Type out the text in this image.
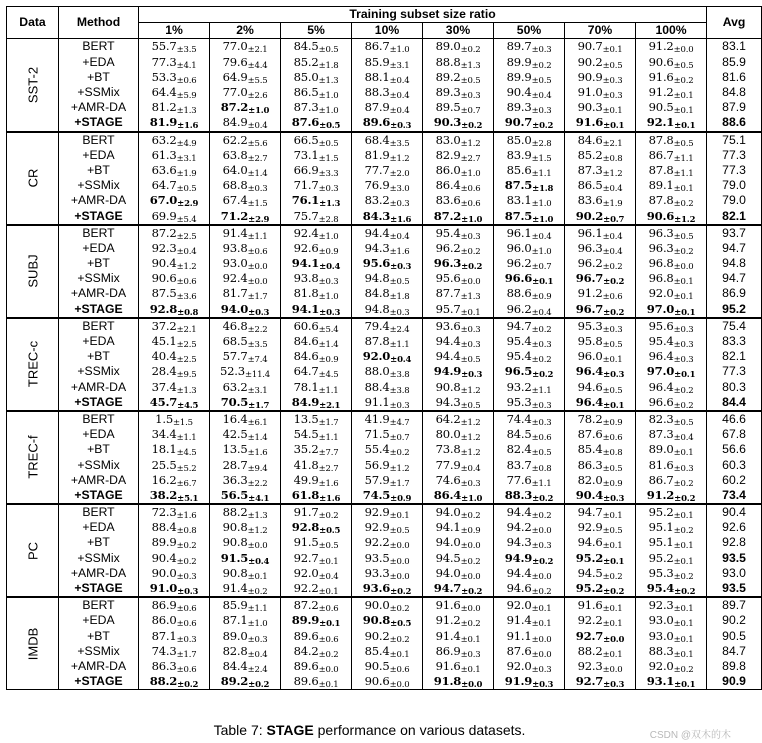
Data	Method	Training subset size ratio								Avg
		1%	2%	5%	10%	30%	50%	70%	100%	

SST-2	BERT	$55.7_{\pm 3.5}$	$77.0_{\pm 2.1}$	$84.5_{\pm 0.5}$	$86.7_{\pm 1.0}$	$89.0_{\pm 0.2}$	$89.7_{\pm 0.3}$	$90.7_{\pm 0.1}$	$91.2_{\pm 0.0}$	83.1
	+EDA	$77.3_{\pm 4.1}$	$79.6_{\pm 4.4}$	$85.2_{\pm 1.8}$	$85.9_{\pm 3.1}$	$88.8_{\pm 1.3}$	$89.9_{\pm 0.2}$	$90.2_{\pm 0.5}$	$90.6_{\pm 0.5}$	85.9
	+BT	$53.3_{\pm 0.6}$	$64.9_{\pm 5.5}$	$85.0_{\pm 1.3}$	$88.1_{\pm 0.4}$	$89.2_{\pm 0.5}$	$89.9_{\pm 0.5}$	$90.9_{\pm 0.3}$	$91.6_{\pm 0.2}$	81.6
	+SSMix	$64.4_{\pm 5.9}$	$77.0_{\pm 2.6}$	$86.5_{\pm 1.0}$	$88.3_{\pm 0.4}$	$89.3_{\pm 0.3}$	$90.4_{\pm 0.4}$	$91.0_{\pm 0.3}$	$91.2_{\pm 0.1}$	84.8
	+AMR-DA	$81.2_{\pm 1.3}$	$87.2_{\pm 1.0}$	$87.3_{\pm 1.0}$	$87.9_{\pm 0.4}$	$89.5_{\pm 0.7}$	$89.3_{\pm 0.3}$	$90.3_{\pm 0.1}$	$90.5_{\pm 0.1}$	87.9
	+STAGE	$81.9_{\pm 1.6}$	$84.9_{\pm 0.4}$	$87.6_{\pm 0.5}$	$89.6_{\pm 0.3}$	$90.3_{\pm 0.2}$	$90.7_{\pm 0.2}$	$91.6_{\pm 0.1}$	$92.1_{\pm 0.1}$	88.6

CR	BERT	$63.2_{\pm 4.9}$	$62.2_{\pm 5.6}$	$66.5_{\pm 0.5}$	$68.4_{\pm 3.5}$	$83.0_{\pm 1.2}$	$85.0_{\pm 2.8}$	$84.6_{\pm 2.1}$	$87.8_{\pm 0.5}$	75.1
	+EDA	$61.3_{\pm 3.1}$	$63.8_{\pm 2.7}$	$73.1_{\pm 1.5}$	$81.9_{\pm 1.2}$	$82.9_{\pm 2.7}$	$83.9_{\pm 1.5}$	$85.2_{\pm 0.8}$	$86.7_{\pm 1.1}$	77.3
	+BT	$63.6_{\pm 1.9}$	$64.0_{\pm 1.4}$	$66.9_{\pm 3.3}$	$77.7_{\pm 2.0}$	$86.0_{\pm 1.0}$	$85.6_{\pm 1.1}$	$87.3_{\pm 1.2}$	$87.8_{\pm 1.1}$	77.3
	+SSMix	$64.7_{\pm 0.5}$	$68.8_{\pm 0.3}$	$71.7_{\pm 0.3}$	$76.9_{\pm 3.0}$	$86.4_{\pm 0.6}$	$87.5_{\pm 1.8}$	$86.5_{\pm 0.4}$	$89.1_{\pm 0.1}$	79.0
	+AMR-DA	$67.0_{\pm 2.9}$	$67.4_{\pm 1.5}$	$76.1_{\pm 1.3}$	$83.2_{\pm 0.3}$	$83.6_{\pm 0.6}$	$83.1_{\pm 1.0}$	$83.6_{\pm 1.9}$	$87.8_{\pm 0.2}$	79.0
	+STAGE	$69.9_{\pm 5.4}$	$71.2_{\pm 2.9}$	$75.7_{\pm 2.8}$	$84.3_{\pm 1.6}$	$87.2_{\pm 1.0}$	$87.5_{\pm 1.0}$	$90.2_{\pm 0.7}$	$90.6_{\pm 1.2}$	82.1

SUBJ	BERT	$87.2_{\pm 2.5}$	$91.4_{\pm 1.1}$	$92.4_{\pm 1.0}$	$94.4_{\pm 0.4}$	$95.4_{\pm 0.3}$	$96.1_{\pm 0.4}$	$96.1_{\pm 0.4}$	$96.3_{\pm 0.5}$	93.7
	+EDA	$92.3_{\pm 0.4}$	$93.8_{\pm 0.6}$	$92.6_{\pm 0.9}$	$94.3_{\pm 1.6}$	$96.2_{\pm 0.2}$	$96.0_{\pm 1.0}$	$96.3_{\pm 0.4}$	$96.3_{\pm 0.2}$	94.7
	+BT	$90.4_{\pm 1.2}$	$93.0_{\pm 0.0}$	$94.1_{\pm 0.4}$	$95.6_{\pm 0.3}$	$96.3_{\pm 0.2}$	$96.2_{\pm 0.7}$	$96.2_{\pm 0.2}$	$96.8_{\pm 0.0}$	94.8
	+SSMix	$90.6_{\pm 0.6}$	$92.4_{\pm 0.0}$	$93.8_{\pm 0.3}$	$94.8_{\pm 0.5}$	$95.6_{\pm 0.0}$	$96.6_{\pm 0.1}$	$96.7_{\pm 0.2}$	$96.8_{\pm 0.1}$	94.7
	+AMR-DA	$87.5_{\pm 3.6}$	$81.7_{\pm 1.7}$	$81.8_{\pm 1.0}$	$84.8_{\pm 1.8}$	$87.7_{\pm 1.3}$	$88.6_{\pm 0.9}$	$91.2_{\pm 0.6}$	$92.0_{\pm 0.1}$	86.9
	+STAGE	$92.8_{\pm 0.8}$	$94.0_{\pm 0.3}$	$94.1_{\pm 0.3}$	$94.8_{\pm 0.3}$	$95.7_{\pm 0.1}$	$96.2_{\pm 0.4}$	$96.7_{\pm 0.2}$	$97.0_{\pm 0.1}$	95.2

TREC-c	BERT	$37.2_{\pm 2.1}$	$46.8_{\pm 2.2}$	$60.6_{\pm 5.4}$	$79.4_{\pm 2.4}$	$93.6_{\pm 0.3}$	$94.7_{\pm 0.2}$	$95.3_{\pm 0.3}$	$95.6_{\pm 0.3}$	75.4
	+EDA	$45.1_{\pm 2.5}$	$68.5_{\pm 3.5}$	$84.6_{\pm 1.4}$	$87.8_{\pm 1.1}$	$94.4_{\pm 0.3}$	$95.4_{\pm 0.3}$	$95.8_{\pm 0.5}$	$95.4_{\pm 0.3}$	83.3
	+BT	$40.4_{\pm 2.5}$	$57.7_{\pm 7.4}$	$84.6_{\pm 0.9}$	$92.0_{\pm 0.4}$	$94.4_{\pm 0.5}$	$95.4_{\pm 0.2}$	$96.0_{\pm 0.1}$	$96.4_{\pm 0.3}$	82.1
	+SSMix	$28.4_{\pm 9.5}$	$52.3_{\pm 11.4}$	$64.7_{\pm 4.5}$	$88.0_{\pm 3.8}$	$94.9_{\pm 0.3}$	$96.5_{\pm 0.2}$	$96.4_{\pm 0.3}$	$97.0_{\pm 0.1}$	77.3
	+AMR-DA	$37.4_{\pm 1.3}$	$63.2_{\pm 3.1}$	$78.1_{\pm 1.1}$	$88.4_{\pm 3.8}$	$90.8_{\pm 1.2}$	$93.2_{\pm 1.1}$	$94.6_{\pm 0.5}$	$96.4_{\pm 0.2}$	80.3
	+STAGE	$45.7_{\pm 4.5}$	$70.5_{\pm 1.7}$	$84.9_{\pm 2.1}$	$91.1_{\pm 0.3}$	$94.3_{\pm 0.5}$	$95.3_{\pm 0.3}$	$96.4_{\pm 0.1}$	$96.6_{\pm 0.2}$	84.4

TREC-f	BERT	$1.5_{\pm 1.5}$	$16.4_{\pm 6.1}$	$13.5_{\pm 1.7}$	$41.9_{\pm 4.7}$	$64.2_{\pm 1.2}$	$74.4_{\pm 0.3}$	$78.2_{\pm 0.9}$	$82.3_{\pm 0.5}$	46.6
	+EDA	$34.4_{\pm 1.1}$	$42.5_{\pm 1.4}$	$54.5_{\pm 1.1}$	$71.5_{\pm 0.7}$	$80.0_{\pm 1.2}$	$84.5_{\pm 0.6}$	$87.6_{\pm 0.6}$	$87.3_{\pm 0.4}$	67.8
	+BT	$18.1_{\pm 4.5}$	$13.5_{\pm 1.6}$	$35.2_{\pm 7.7}$	$55.4_{\pm 0.2}$	$73.8_{\pm 1.2}$	$82.4_{\pm 0.5}$	$85.4_{\pm 0.8}$	$89.0_{\pm 0.1}$	56.6
	+SSMix	$25.5_{\pm 5.2}$	$28.7_{\pm 9.4}$	$41.8_{\pm 2.7}$	$56.9_{\pm 1.2}$	$77.9_{\pm 0.4}$	$83.7_{\pm 0.8}$	$86.3_{\pm 0.5}$	$81.6_{\pm 0.3}$	60.3
	+AMR-DA	$16.2_{\pm 6.7}$	$36.3_{\pm 2.2}$	$49.9_{\pm 1.6}$	$57.9_{\pm 1.7}$	$74.6_{\pm 0.3}$	$77.6_{\pm 1.1}$	$82.0_{\pm 0.9}$	$86.7_{\pm 0.2}$	60.2
	+STAGE	$38.2_{\pm 5.1}$	$56.5_{\pm 4.1}$	$61.8_{\pm 1.6}$	$74.5_{\pm 0.9}$	$86.4_{\pm 1.0}$	$88.3_{\pm 0.2}$	$90.4_{\pm 0.3}$	$91.2_{\pm 0.2}$	73.4

PC	BERT	$72.3_{\pm 1.6}$	$88.2_{\pm 1.3}$	$91.7_{\pm 0.2}$	$92.9_{\pm 0.1}$	$94.0_{\pm 0.2}$	$94.4_{\pm 0.2}$	$94.7_{\pm 0.1}$	$95.2_{\pm 0.1}$	90.4
	+EDA	$88.4_{\pm 0.8}$	$90.8_{\pm 1.2}$	$92.8_{\pm 0.5}$	$92.9_{\pm 0.5}$	$94.1_{\pm 0.9}$	$94.2_{\pm 0.0}$	$92.9_{\pm 0.5}$	$95.1_{\pm 0.2}$	92.6
	+BT	$89.9_{\pm 0.2}$	$90.8_{\pm 0.0}$	$91.5_{\pm 0.5}$	$92.2_{\pm 0.0}$	$94.0_{\pm 0.0}$	$94.3_{\pm 0.3}$	$94.6_{\pm 0.1}$	$95.1_{\pm 0.1}$	92.8
	+SSMix	$90.4_{\pm 0.2}$	$91.5_{\pm 0.4}$	$92.7_{\pm 0.1}$	$93.5_{\pm 0.0}$	$94.5_{\pm 0.2}$	$94.9_{\pm 0.2}$	$95.2_{\pm 0.1}$	$95.2_{\pm 0.1}$	93.5
	+AMR-DA	$90.0_{\pm 0.3}$	$90.8_{\pm 0.1}$	$92.0_{\pm 0.4}$	$93.3_{\pm 0.0}$	$94.0_{\pm 0.0}$	$94.4_{\pm 0.0}$	$94.5_{\pm 0.2}$	$95.3_{\pm 0.2}$	93.0
	+STAGE	$91.0_{\pm 0.3}$	$91.4_{\pm 0.2}$	$92.2_{\pm 0.1}$	$93.6_{\pm 0.2}$	$94.7_{\pm 0.2}$	$94.6_{\pm 0.2}$	$95.2_{\pm 0.2}$	$95.4_{\pm 0.2}$	93.5

IMDB	BERT	$86.9_{\pm 0.6}$	$85.9_{\pm 1.1}$	$87.2_{\pm 0.6}$	$90.0_{\pm 0.2}$	$91.6_{\pm 0.0}$	$92.0_{\pm 0.1}$	$91.6_{\pm 0.1}$	$92.3_{\pm 0.1}$	89.7
	+EDA	$86.0_{\pm 0.6}$	$87.1_{\pm 1.0}$	$89.9_{\pm 0.1}$	$90.8_{\pm 0.5}$	$91.2_{\pm 0.2}$	$91.4_{\pm 0.1}$	$92.2_{\pm 0.1}$	$93.0_{\pm 0.1}$	90.2
	+BT	$87.1_{\pm 0.3}$	$89.0_{\pm 0.3}$	$89.6_{\pm 0.6}$	$90.2_{\pm 0.2}$	$91.4_{\pm 0.1}$	$91.1_{\pm 0.0}$	$92.7_{\pm 0.0}$	$93.0_{\pm 0.1}$	90.5
	+SSMix	$74.3_{\pm 1.7}$	$82.8_{\pm 0.4}$	$84.2_{\pm 0.2}$	$85.4_{\pm 0.1}$	$86.9_{\pm 0.3}$	$87.6_{\pm 0.0}$	$88.2_{\pm 0.1}$	$88.3_{\pm 0.1}$	84.7
	+AMR-DA	$86.3_{\pm 0.6}$	$84.4_{\pm 2.4}$	$89.6_{\pm 0.0}$	$90.5_{\pm 0.6}$	$91.6_{\pm 0.1}$	$92.0_{\pm 0.3}$	$92.3_{\pm 0.0}$	$92.0_{\pm 0.2}$	89.8
	+STAGE	$88.2_{\pm 0.2}$	$89.2_{\pm 0.2}$	$89.6_{\pm 0.1}$	$90.6_{\pm 0.0}$	$91.8_{\pm 0.0}$	$91.9_{\pm 0.3}$	$92.7_{\pm 0.3}$	$93.1_{\pm 0.1}$	90.9
Table 7: STAGE performance on various datasets.	CSDN @双木的木
